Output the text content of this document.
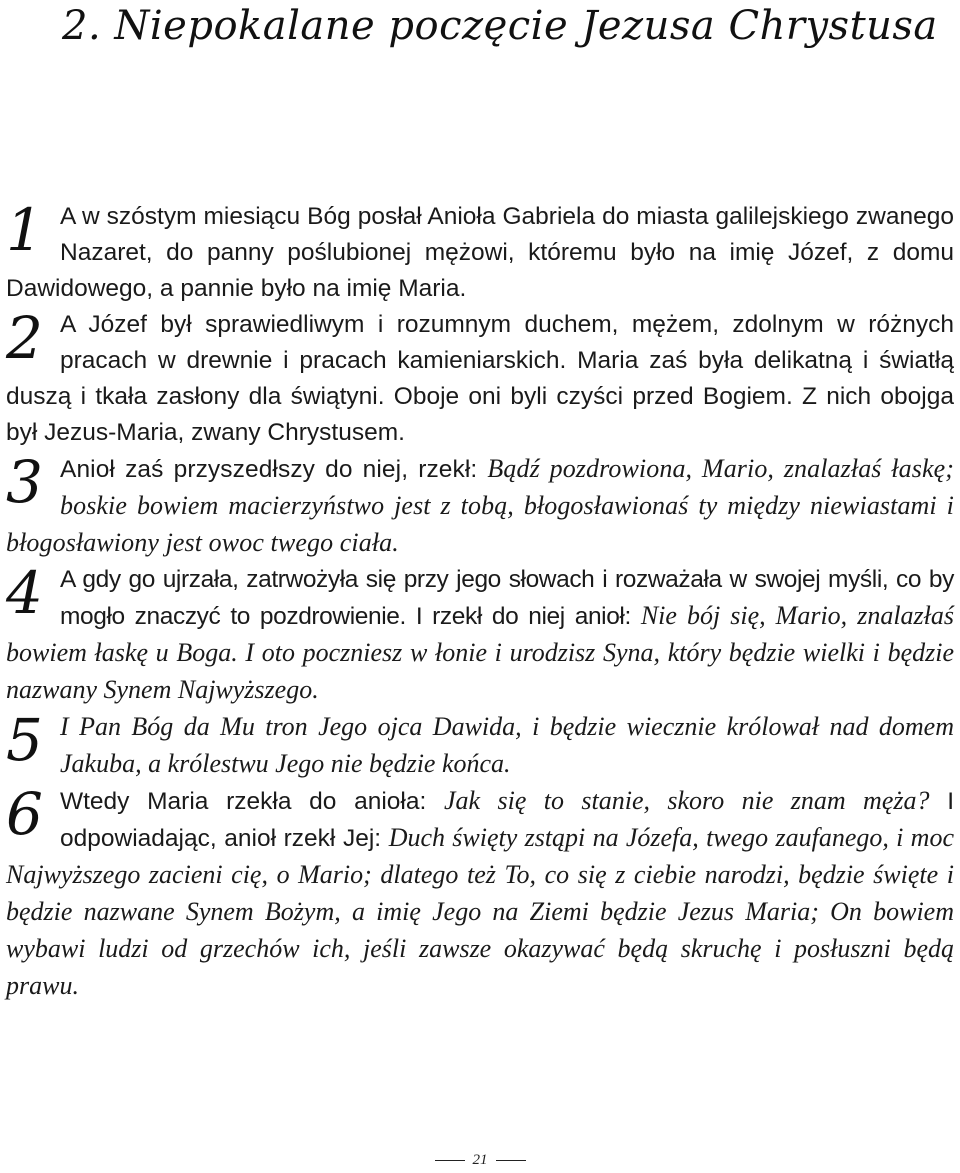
2. Niepokalane poczęcie Jezusa Chrystusa

1 A w szóstym miesiącu Bóg posłał Anioła Gabriela do miasta galilejskiego zwanego Nazaret, do panny poślubionej mężowi, któremu było na imię Józef, z domu Dawidowego, a pannie było na imię Maria.

2 A Józef był sprawiedliwym i rozumnym duchem, mężem, zdolnym w różnych pracach w drewnie i pracach kamieniarskich. Maria zaś była delikatną i światłą duszą i tkała zasłony dla świątyni. Oboje oni byli czyści przed Bogiem. Z nich obojga był Jezus-Maria, zwany Chrystusem.

3 Anioł zaś przyszedłszy do niej, rzekł: Bądź pozdrowiona, Mario, znalazłaś łaskę; boskie bowiem macierzyństwo jest z tobą, błogosławionaś ty między niewiastami i błogosławiony jest owoc twego ciała.

4 A gdy go ujrzała, zatrwożyła się przy jego słowach i rozważała w swojej myśli, co by mogło znaczyć to pozdrowienie. I rzekł do niej anioł: Nie bój się, Mario, znalazłaś bowiem łaskę u Boga. I oto poczniesz w łonie i urodzisz Syna, który będzie wielki i będzie nazwany Synem Najwyższego.

5 I Pan Bóg da Mu tron Jego ojca Dawida, i będzie wiecznie królował nad domem Jakuba, a królestwu Jego nie będzie końca.

6 Wtedy Maria rzekła do anioła: Jak się to stanie, skoro nie znam męża? I odpowiadając, anioł rzekł Jej: Duch święty zstąpi na Józefa, twego zaufanego, i moc Najwyższego zacieni cię, o Mario; dlatego też To, co się z ciebie narodzi, będzie święte i będzie nazwane Synem Bożym, a imię Jego na Ziemi będzie Jezus Maria; On bowiem wybawi ludzi od grzechów ich, jeśli zawsze okazywać będą skruchę i posłuszni będą prawu.

21
